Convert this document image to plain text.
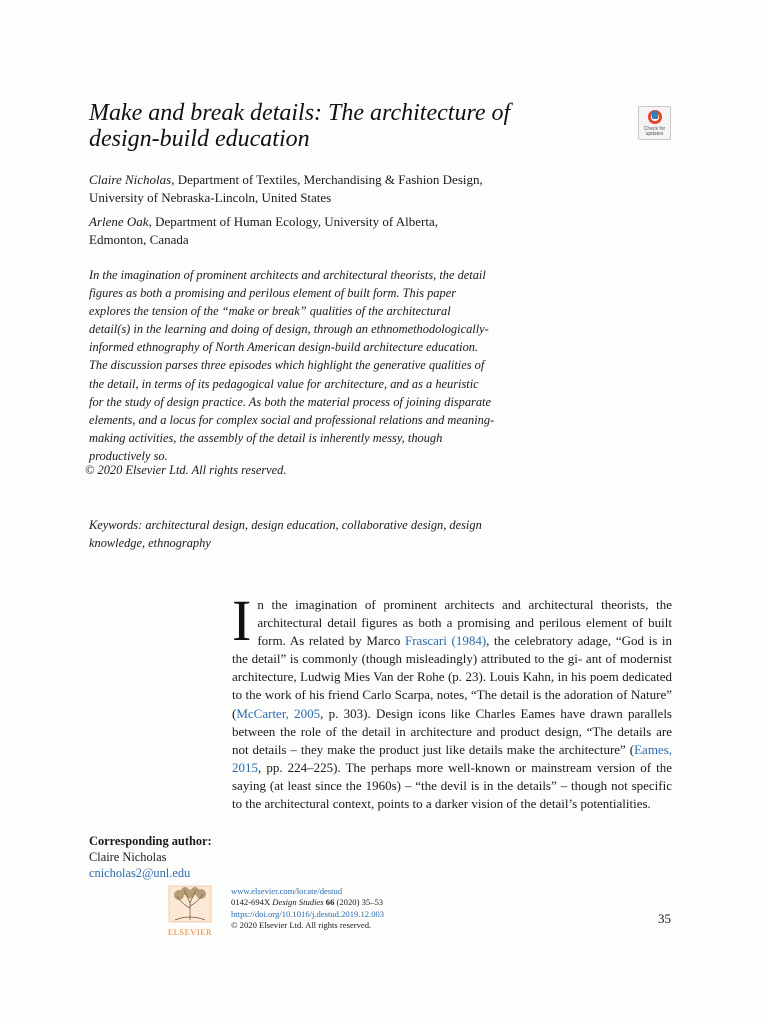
Make and break details: The architecture of
design-build education	Check for
updates

Claire Nicholas, Department of Textiles, Merchandising & Fashion Design,
University of Nebraska-Lincoln, United States

Arlene Oak, Department of Human Ecology, University of Alberta,
Edmonton, Canada

In the imagination of prominent architects and architectural theorists, the detail
figures as both a promising and perilous element of built form. This paper
explores the tension of the “make or break” qualities of the architectural
detail(s) in the learning and doing of design, through an ethnomethodologically-
informed ethnography of North American design-build architecture education.
The discussion parses three episodes which highlight the generative qualities of
the detail, in terms of its pedagogical value for architecture, and as a heuristic
for the study of design practice. As both the material process of joining disparate
elements, and a locus for complex social and professional relations and meaning-
making activities, the assembly of the detail is inherently messy, though
productively so.
© 2020 Elsevier Ltd. All rights reserved.
Keywords: architectural design, design education, collaborative design, design
knowledge, ethnography
I n the imagination of prominent architects and architectural theorists, the architectural detail figures as both a promising and perilous element of built form. As related by Marco Frascari (1984), the celebratory adage, “God is in the detail” is commonly (though misleadingly) attributed to the gi- ant of modernist architecture, Ludwig Mies Van der Rohe (p. 23). Louis Kahn, in his poem dedicated to the work of his friend Carlo Scarpa, notes, “The detail is the adoration of Nature” (McCarter, 2005, p. 303). Design icons like Charles Eames have drawn parallels between the role of the detail in architecture and product design, “The details are not details – they make the product just like details make the architecture” (Eames, 2015, pp. 224–225). The perhaps more well-known or mainstream version of the saying (at least since the 1960s) – “the devil is in the details” – though not specific to the architectural context, points to a darker vision of the detail’s potentialities.
Corresponding author:
Claire Nicholas
cnicholas2@unl.edu
ELSEVIER
www.elsevier.com/locate/destud
0142-694X Design Studies 66 (2020) 35–53
https://doi.org/10.1016/j.destud.2019.12.003
© 2020 Elsevier Ltd. All rights reserved.	35
